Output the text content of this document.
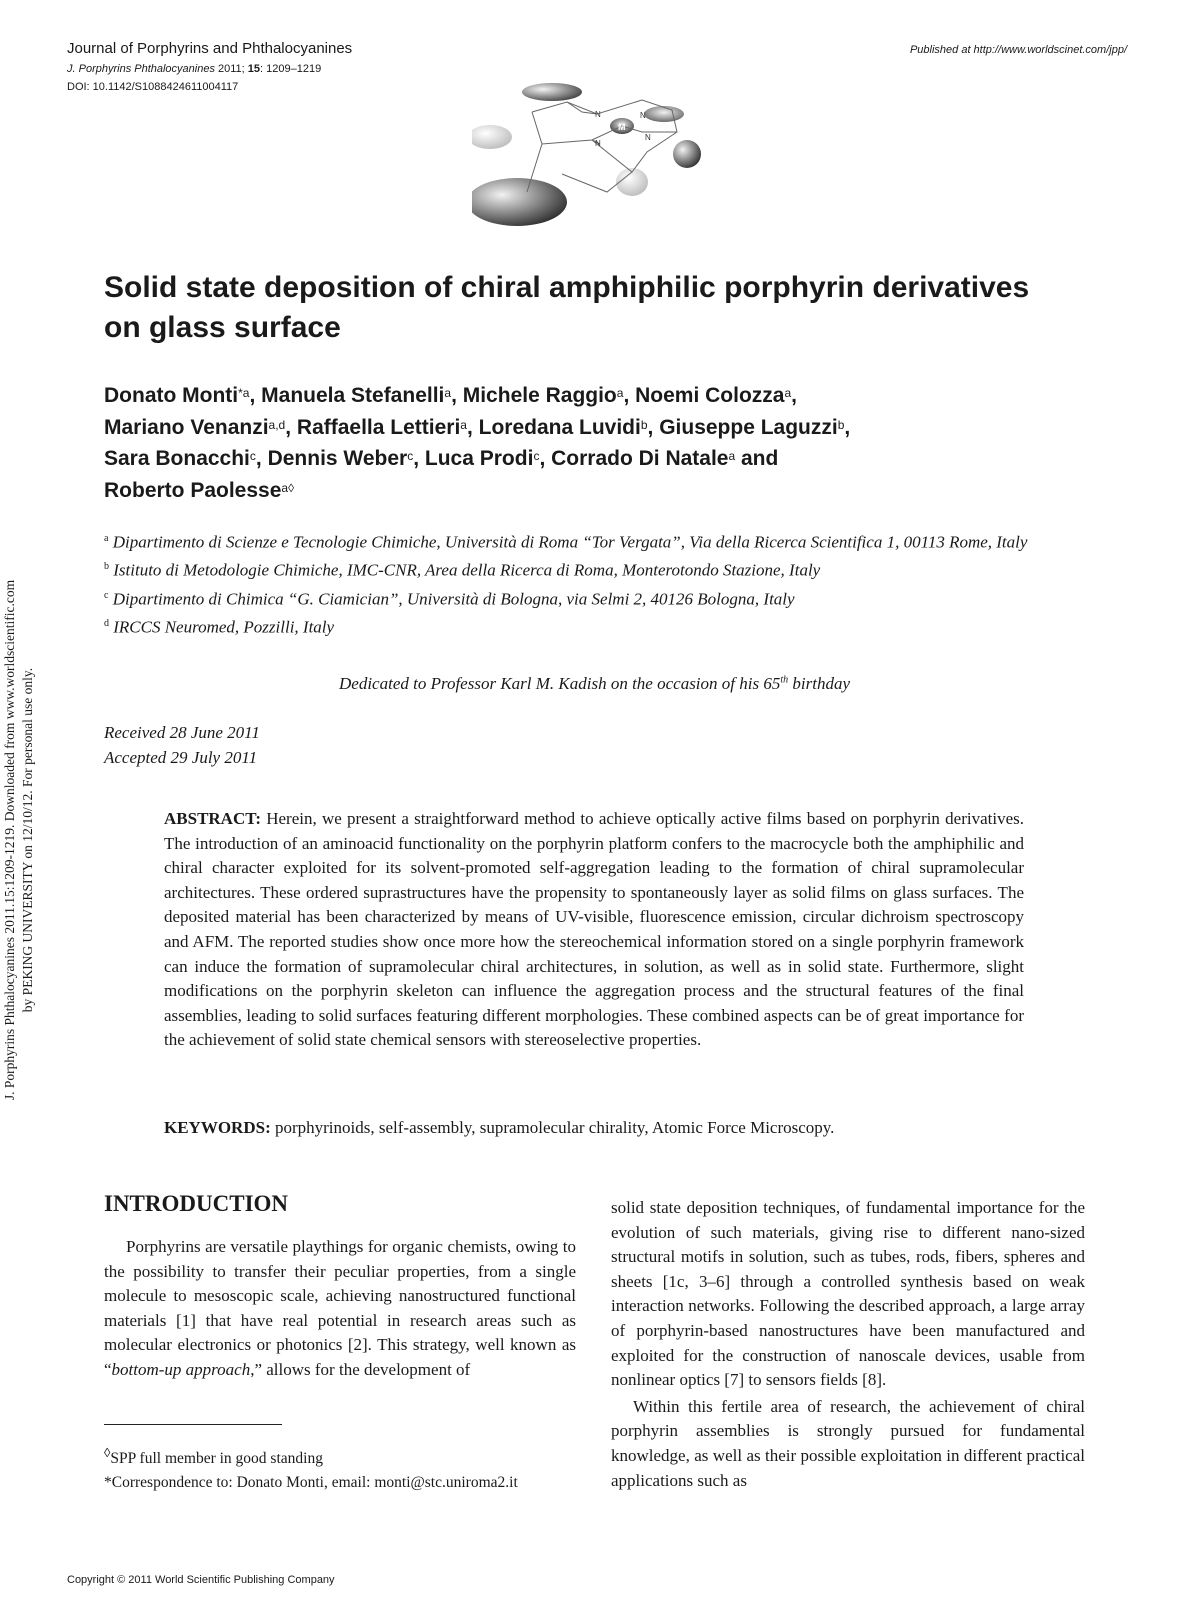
Journal of Porphyrins and Phthalocyanines
J. Porphyrins Phthalocyanines 2011; 15: 1209–1219
DOI: 10.1142/S1088424611004117
Published at http://www.worldscinet.com/jpp/
N	N
N
N
M
J. Porphyrins Phthalocyanines 2011.15:1209-1219. Downloaded from www.worldscientific.com by PEKING UNIVERSITY on 12/10/12. For personal use only.
Solid state deposition of chiral amphiphilic porphyrin derivatives on glass surface

Donato Monti$^{*a}$, Manuela Stefanelli$^a$, Michele Raggio$^a$, Noemi Colozza$^a$,
Mariano Venanzi$^{a,d}$, Raffaella Lettieri$^a$, Loredana Luvidi$^b$, Giuseppe Laguzzi$^b$,
Sara Bonacchi$^c$, Dennis Weber$^c$, Luca Prodi$^c$, Corrado Di Natale$^a$ and
Roberto Paolesse$^{a◊}$

$^a$ Dipartimento di Scienze e Tecnologie Chimiche, Università di Roma “Tor Vergata”, Via della Ricerca Scientifica 1, 00113 Rome, Italy
$^b$ Istituto di Metodologie Chimiche, IMC-CNR, Area della Ricerca di Roma, Monterotondo Stazione, Italy
$^c$ Dipartimento di Chimica “G. Ciamician”, Università di Bologna, via Selmi 2, 40126 Bologna, Italy
$^d$ IRCCS Neuromed, Pozzilli, Italy
Dedicated to Professor Karl M. Kadish on the occasion of his 65th birthday
Received 28 June 2011
Accepted 29 July 2011

ABSTRACT: Herein, we present a straightforward method to achieve optically active films based on porphyrin derivatives. The introduction of an aminoacid functionality on the porphyrin platform confers to the macrocycle both the amphiphilic and chiral character exploited for its solvent-promoted self-aggregation leading to the formation of chiral supramolecular architectures. These ordered suprastructures have the propensity to spontaneously layer as solid films on glass surfaces. The deposited material has been characterized by means of UV-visible, fluorescence emission, circular dichroism spectroscopy and AFM. The reported studies show once more how the stereochemical information stored on a single porphyrin framework can induce the formation of supramolecular chiral architectures, in solution, as well as in solid state. Furthermore, slight modifications on the porphyrin skeleton can influence the aggregation process and the structural features of the final assemblies, leading to solid surfaces featuring different morphologies. These combined aspects can be of great importance for the achievement of solid state chemical sensors with stereoselective properties.

KEYWORDS: porphyrinoids, self-assembly, supramolecular chirality, Atomic Force Microscopy.

INTRODUCTION

Porphyrins are versatile playthings for organic chemists, owing to the possibility to transfer their peculiar properties, from a single molecule to mesoscopic scale, achieving nanostructured functional materials [1] that have real potential in research areas such as molecular electronics or photonics [2]. This strategy, well known as “bottom-up approach,” allows for the development of

◊SPP full member in good standing
*Correspondence to: Donato Monti, email: monti@stc.uniroma2.it

solid state deposition techniques, of fundamental importance for the evolution of such materials, giving rise to different nano-sized structural motifs in solution, such as tubes, rods, fibers, spheres and sheets [1c, 3–6] through a controlled synthesis based on weak interaction networks. Following the described approach, a large array of porphyrin-based nanostructures have been manufactured and exploited for the construction of nanoscale devices, usable from nonlinear optics [7] to sensors fields [8].

Within this fertile area of research, the achievement of chiral porphyrin assemblies is strongly pursued for fundamental knowledge, as well as their possible exploitation in different practical applications such as

Copyright © 2011 World Scientific Publishing Company
